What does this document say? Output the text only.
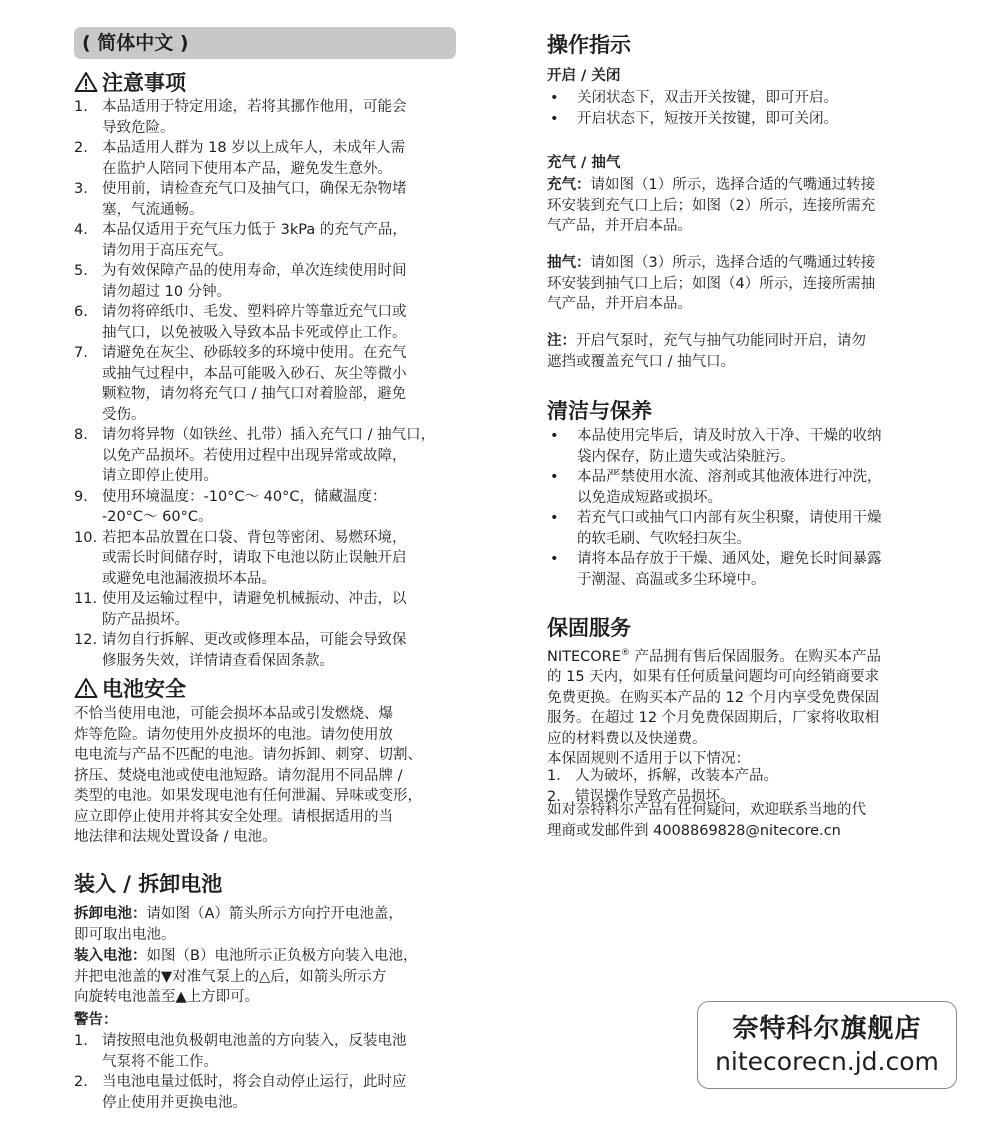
( 简体中文 )
注意事项
1. 本品适用于特定用途，若将其挪作他用，可能会
导致危险。
2. 本品适用人群为 18 岁以上成年人，未成年人需
在监护人陪同下使用本产品，避免发生意外。
3. 使用前，请检查充气口及抽气口，确保无杂物堵
塞，气流通畅。
4. 本品仅适用于充气压力低于 3kPa 的充气产品，
请勿用于高压充气。
5. 为有效保障产品的使用寿命，单次连续使用时间
请勿超过 10 分钟。
6. 请勿将碎纸巾、毛发、塑料碎片等靠近充气口或
抽气口，以免被吸入导致本品卡死或停止工作。
7. 请避免在灰尘、砂砾较多的环境中使用。在充气
或抽气过程中，本品可能吸入砂石、灰尘等微小
颗粒物，请勿将充气口 / 抽气口对着脸部，避免
受伤。
8. 请勿将异物（如铁丝、扎带）插入充气口 / 抽气口，
以免产品损坏。若使用过程中出现异常或故障，
请立即停止使用。
9. 使用环境温度：-10°C～ 40°C，储藏温度：
-20°C～ 60°C。
10. 若把本品放置在口袋、背包等密闭、易燃环境，
或需长时间储存时，请取下电池以防止误触开启
或避免电池漏液损坏本品。
11. 使用及运输过程中，请避免机械振动、冲击，以
防产品损坏。
12. 请勿自行拆解、更改或修理本品，可能会导致保
修服务失效，详情请查看保固条款。
电池安全
不恰当使用电池，可能会损坏本品或引发燃烧、爆
炸等危险。请勿使用外皮损坏的电池。请勿使用放
电电流与产品不匹配的电池。请勿拆卸、刺穿、切割、
挤压、焚烧电池或使电池短路。请勿混用不同品牌 /
类型的电池。如果发现电池有任何泄漏、异味或变形，
应立即停止使用并将其安全处理。请根据适用的当
地法律和法规处置设备 / 电池。
装入 / 拆卸电池
拆卸电池：请如图（A）箭头所示方向拧开电池盖，
即可取出电池。
装入电池：如图（B）电池所示正负极方向装入电池，
并把电池盖的▼对准气泵上的△后，如箭头所示方
向旋转电池盖至▲上方即可。
警告：
1. 请按照电池负极朝电池盖的方向装入，反装电池
气泵将不能工作。
2. 当电池电量过低时，将会自动停止运行，此时应
停止使用并更换电池。
操作指示
开启 / 关闭
• 关闭状态下，双击开关按键，即可开启。
• 开启状态下，短按开关按键，即可关闭。
充气 / 抽气
充气：请如图（1）所示，选择合适的气嘴通过转接
环安装到充气口上后；如图（2）所示，连接所需充
气产品，并开启本品。
抽气：请如图（3）所示，选择合适的气嘴通过转接
环安装到抽气口上后；如图（4）所示，连接所需抽
气产品，并开启本品。
注：开启气泵时，充气与抽气功能同时开启，请勿
遮挡或覆盖充气口 / 抽气口。
清洁与保养
• 本品使用完毕后，请及时放入干净、干燥的收纳
袋内保存，防止遗失或沾染脏污。
• 本品严禁使用水流、溶剂或其他液体进行冲洗，
以免造成短路或损坏。
• 若充气口或抽气口内部有灰尘积聚，请使用干燥
的软毛刷、气吹轻扫灰尘。
• 请将本品存放于干燥、通风处，避免长时间暴露
于潮湿、高温或多尘环境中。
保固服务
NITECORE® 产品拥有售后保固服务。在购买本产品
的 15 天内，如果有任何质量问题均可向经销商要求
免费更换。在购买本产品的 12 个月内享受免费保固
服务。在超过 12 个月免费保固期后，厂家将收取相
应的材料费以及快递费。
本保固规则不适用于以下情况：
1. 人为破坏，拆解，改装本产品。
2. 错误操作导致产品损坏。
如对奈特科尔产品有任何疑问，欢迎联系当地的代
理商或发邮件到 4008869828@nitecore.cn
奈特科尔旗舰店
nitecorecn.jd.com
